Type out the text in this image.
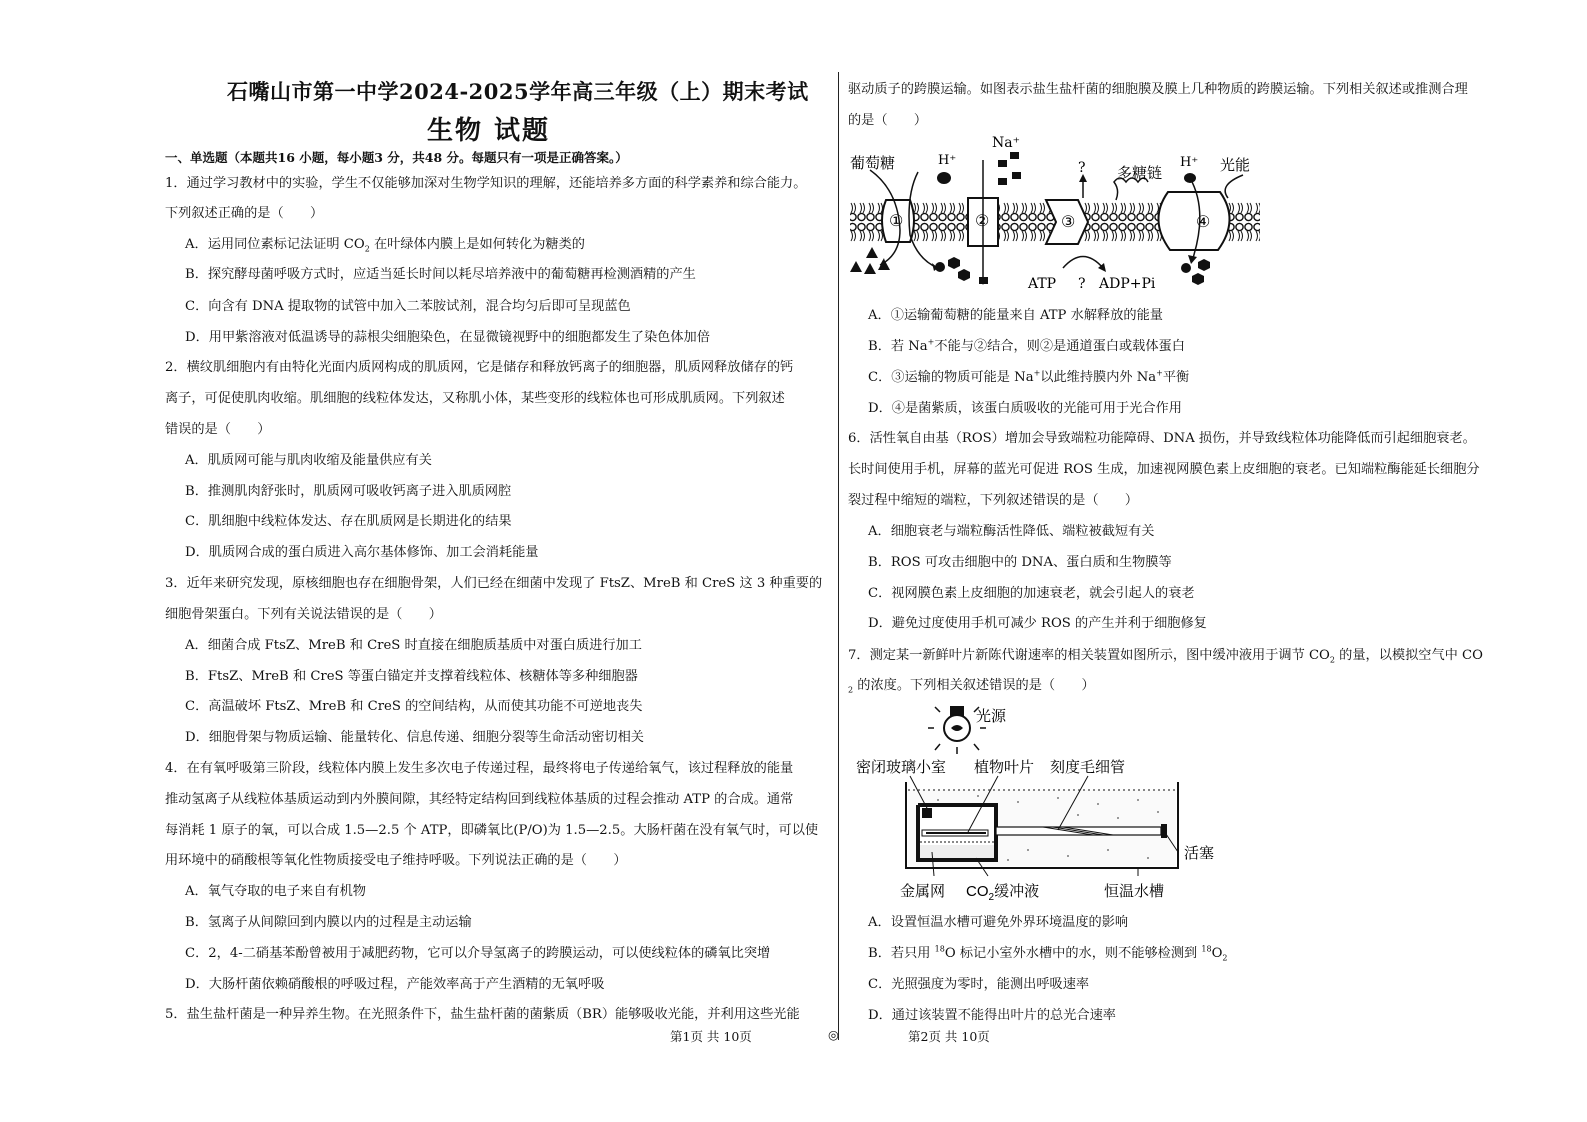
石嘴山市第一中学2024-2025学年高三年级（上）期末考试
生物 试题
一、单选题（本题共16 小题，每小题3 分，共48 分。每题只有一项是正确答案。）
1．通过学习教材中的实验，学生不仅能够加深对生物学知识的理解，还能培养多方面的科学素养和综合能力。
下列叙述正确的是（　　）
A．运用同位素标记法证明 $CO_2$ 在叶绿体内膜上是如何转化为糖类的
B．探究酵母菌呼吸方式时，应适当延长时间以耗尽培养液中的葡萄糖再检测酒精的产生
C．向含有 DNA 提取物的试管中加入二苯胺试剂，混合均匀后即可呈现蓝色
D．用甲紫溶液对低温诱导的蒜根尖细胞染色，在显微镜视野中的细胞都发生了染色体加倍
2．横纹肌细胞内有由特化光面内质网构成的肌质网，它是储存和释放钙离子的细胞器，肌质网释放储存的钙
离子，可促使肌肉收缩。肌细胞的线粒体发达，又称肌小体，某些变形的线粒体也可形成肌质网。下列叙述
错误的是（　　）
A．肌质网可能与肌肉收缩及能量供应有关
B．推测肌肉舒张时，肌质网可吸收钙离子进入肌质网腔
C．肌细胞中线粒体发达、存在肌质网是长期进化的结果
D．肌质网合成的蛋白质进入高尔基体修饰、加工会消耗能量
3．近年来研究发现，原核细胞也存在细胞骨架，人们已经在细菌中发现了 FtsZ、MreB 和 CreS 这 3 种重要的
细胞骨架蛋白。下列有关说法错误的是（　　）
A．细菌合成 FtsZ、MreB 和 CreS 时直接在细胞质基质中对蛋白质进行加工
B．FtsZ、MreB 和 CreS 等蛋白锚定并支撑着线粒体、核糖体等多种细胞器
C．高温破坏 FtsZ、MreB 和 CreS 的空间结构，从而使其功能不可逆地丧失
D．细胞骨架与物质运输、能量转化、信息传递、细胞分裂等生命活动密切相关
4．在有氧呼吸第三阶段，线粒体内膜上发生多次电子传递过程，最终将电子传递给氧气，该过程释放的能量
推动氢离子从线粒体基质运动到内外膜间隙，其经特定结构回到线粒体基质的过程会推动 ATP 的合成。通常
每消耗 1 原子的氧，可以合成 1.5—2.5 个 ATP，即磷氧比(P/O)为 1.5—2.5。大肠杆菌在没有氧气时，可以使
用环境中的硝酸根等氧化性物质接受电子维持呼吸。下列说法正确的是（　　）
A．氧气夺取的电子来自有机物
B．氢离子从间隙回到内膜以内的过程是主动运输
C．2，4-二硝基苯酚曾被用于减肥药物，它可以介导氢离子的跨膜运动，可以使线粒体的磷氧比突增
D．大肠杆菌依赖硝酸根的呼吸过程，产能效率高于产生酒精的无氧呼吸
5．盐生盐杆菌是一种异养生物。在光照条件下，盐生盐杆菌的菌紫质（BR）能够吸收光能，并利用这些光能
第1页 共 10页	◎
驱动质子的跨膜运输。如图表示盐生盐杆菌的细胞膜及膜上几种物质的跨膜运输。下列相关叙述或推测合理
的是（　　）
①	②	③	④
葡萄糖	H⁺
Na⁺
? 多糖链
H⁺ 光能
ATP ? ADP+Pi
A．①运输葡萄糖的能量来自 ATP 水解释放的能量
B．若 Na+不能与②结合，则②是通道蛋白或载体蛋白
C．③运输的物质可能是 Na+以此维持膜内外 Na+平衡
D．④是菌紫质，该蛋白质吸收的光能可用于光合作用
6．活性氧自由基（ROS）增加会导致端粒功能障碍、DNA 损伤，并导致线粒体功能降低而引起细胞衰老。
长时间使用手机，屏幕的蓝光可促进 ROS 生成，加速视网膜色素上皮细胞的衰老。已知端粒酶能延长细胞分
裂过程中缩短的端粒，下列叙述错误的是（　　）
A．细胞衰老与端粒酶活性降低、端粒被截短有关
B．ROS 可攻击细胞中的 DNA、蛋白质和生物膜等
C．视网膜色素上皮细胞的加速衰老，就会引起人的衰老
D．避免过度使用手机可减少 ROS 的产生并利于细胞修复
7．测定某一新鲜叶片新陈代谢速率的相关装置如图所示，图中缓冲液用于调节 $CO_2$ 的量，以模拟空气中 CO
$_2$ 的浓度。下列相关叙述错误的是（　　）
光源
密闭玻璃小室 植物叶片 刻度毛细管
活塞
金属网 $CO_2$缓冲液	恒温水槽
A．设置恒温水槽可避免外界环境温度的影响
B．若只用 $^{18}$O 标记小室外水槽中的水，则不能够检测到 $^{18}O_2$
C．光照强度为零时，能测出呼吸速率
D．通过该装置不能得出叶片的总光合速率
第2页 共 10页
